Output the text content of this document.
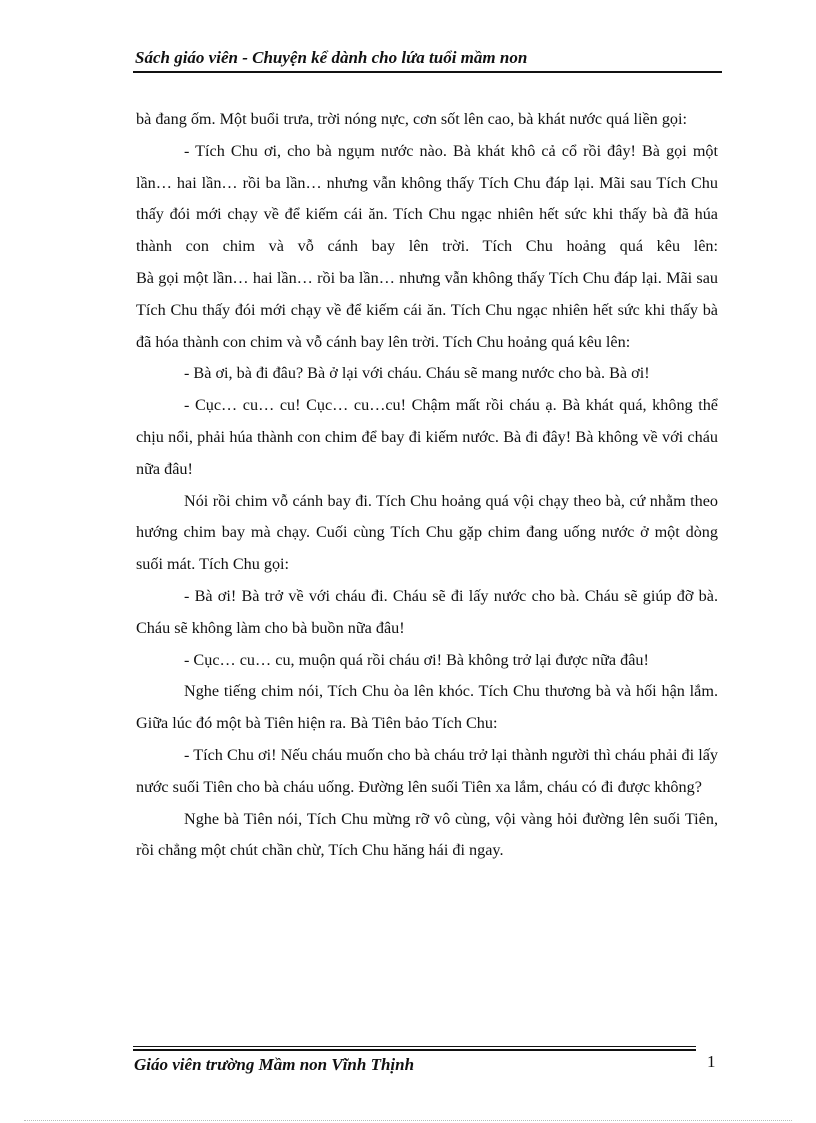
Sách giáo viên - Chuyện kể dành cho lứa tuổi mầm non

bà đang ốm. Một buổi trưa, trời nóng nực, cơn sốt lên cao, bà khát nước quá liền gọi:

- Tích Chu ơi, cho bà ngụm nước nào. Bà khát khô cả cổ rồi đây! Bà gọi một lần… hai lần… rồi ba lần… nhưng vẫn không thấy Tích Chu đáp lại. Mãi sau Tích Chu thấy đói mới chạy về để kiếm cái ăn. Tích Chu ngạc nhiên hết sức khi thấy bà đã húa thành con chim và vỗ cánh bay lên trời. Tích Chu hoảng quá kêu lên:

Bà gọi một lần… hai lần… rồi ba lần… nhưng vẫn không thấy Tích Chu đáp lại. Mãi sau Tích Chu thấy đói mới chạy về để kiếm cái ăn. Tích Chu ngạc nhiên hết sức khi thấy bà đã hóa thành con chim và vỗ cánh bay lên trời. Tích Chu hoảng quá kêu lên:

- Bà ơi, bà đi đâu? Bà ở lại với cháu. Cháu sẽ mang nước cho bà. Bà ơi!

- Cục… cu… cu! Cục… cu…cu! Chậm mất rồi cháu ạ. Bà khát quá, không thể chịu nổi, phải húa thành con chim để bay đi kiếm nước. Bà đi đây! Bà không về với cháu nữa đâu!

Nói rồi chim vỗ cánh bay đi. Tích Chu hoảng quá vội chạy theo bà, cứ nhằm theo hướng chim bay mà chạy. Cuối cùng Tích Chu gặp chim đang uống nước ở một dòng suối mát. Tích Chu gọi:

- Bà ơi! Bà trở về với cháu đi. Cháu sẽ đi lấy nước cho bà. Cháu sẽ giúp đỡ bà. Cháu sẽ không làm cho bà buồn nữa đâu!

- Cục… cu… cu, muộn quá rồi cháu ơi! Bà không trở lại được nữa đâu!

Nghe tiếng chim nói, Tích Chu òa lên khóc. Tích Chu thương bà và hối hận lắm. Giữa lúc đó một bà Tiên hiện ra. Bà Tiên bảo Tích Chu:

- Tích Chu ơi! Nếu cháu muốn cho bà cháu trở lại thành người thì cháu phải đi lấy nước suối Tiên cho bà cháu uống. Đường lên suối Tiên xa lắm, cháu có đi được không?

Nghe bà Tiên nói, Tích Chu mừng rỡ vô cùng, vội vàng hỏi đường lên suối Tiên, rồi chẳng một chút chần chừ, Tích Chu hăng hái đi ngay.

Giáo viên trường Mầm non Vĩnh Thịnh	1
